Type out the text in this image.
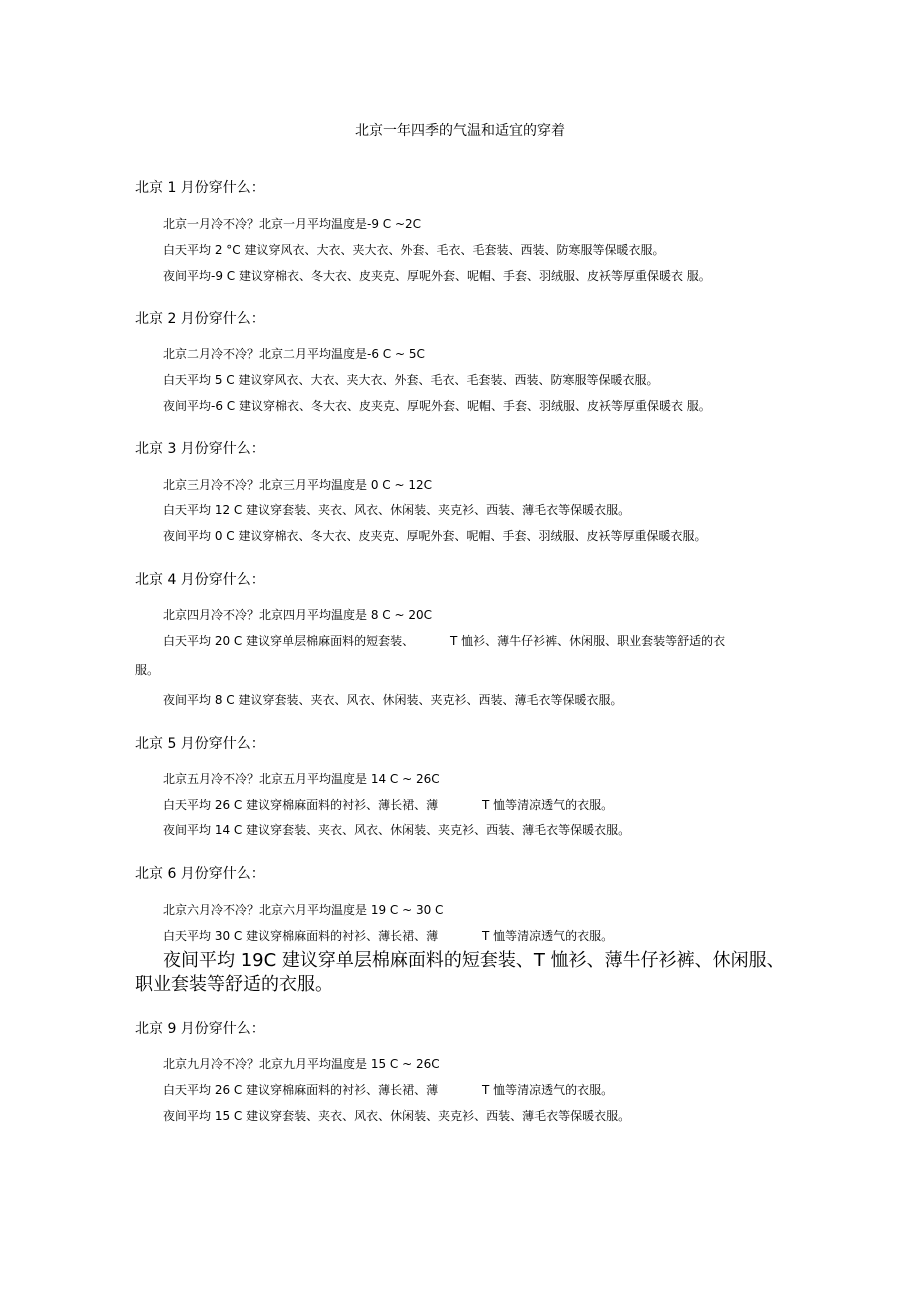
北京一年四季的气温和适宜的穿着
北京 1 月份穿什么：
北京一月冷不冷？北京一月平均温度是-9 C ~2C
白天平均 2 °C 建议穿风衣、大衣、夹大衣、外套、毛衣、毛套装、西装、防寒服等保暖衣服。
夜间平均-9 C 建议穿棉衣、冬大衣、皮夹克、厚呢外套、呢帽、手套、羽绒服、皮袄等厚重保暖衣 服。
北京 2 月份穿什么：
北京二月冷不冷？北京二月平均温度是-6 C ~ 5C
白天平均 5 C 建议穿风衣、大衣、夹大衣、外套、毛衣、毛套装、西装、防寒服等保暖衣服。
夜间平均-6 C 建议穿棉衣、冬大衣、皮夹克、厚呢外套、呢帽、手套、羽绒服、皮袄等厚重保暖衣 服。
北京 3 月份穿什么：
北京三月冷不冷？北京三月平均温度是 0 C ~ 12C
白天平均 12 C 建议穿套装、夹衣、风衣、休闲装、夹克衫、西装、薄毛衣等保暖衣服。
夜间平均 0 C 建议穿棉衣、冬大衣、皮夹克、厚呢外套、呢帽、手套、羽绒服、皮袄等厚重保暖衣服。
北京 4 月份穿什么：
北京四月冷不冷？北京四月平均温度是 8 C ~ 20C
白天平均 20 C 建议穿单层棉麻面料的短套装、	T 恤衫、薄牛仔衫裤、休闲服、职业套装等舒适的衣
服。
夜间平均 8 C 建议穿套装、夹衣、风衣、休闲装、夹克衫、西装、薄毛衣等保暖衣服。
北京 5 月份穿什么：
北京五月冷不冷？北京五月平均温度是 14 C ~ 26C
白天平均 26 C 建议穿棉麻面料的衬衫、薄长裙、薄	T 恤等清凉透气的衣服。
夜间平均 14 C 建议穿套装、夹衣、风衣、休闲装、夹克衫、西装、薄毛衣等保暖衣服。
北京 6 月份穿什么：
北京六月冷不冷？北京六月平均温度是 19 C ~ 30 C
白天平均 30 C 建议穿棉麻面料的衬衫、薄长裙、薄	T 恤等清凉透气的衣服。
夜间平均 19C 建议穿单层棉麻面料的短套装、T 恤衫、薄牛仔衫裤、休闲服、
职业套装等舒适的衣服。
北京 9 月份穿什么：
北京九月冷不冷？北京九月平均温度是 15 C ~ 26C
白天平均 26 C 建议穿棉麻面料的衬衫、薄长裙、薄	T 恤等清凉透气的衣服。
夜间平均 15 C 建议穿套装、夹衣、风衣、休闲装、夹克衫、西装、薄毛衣等保暖衣服。
